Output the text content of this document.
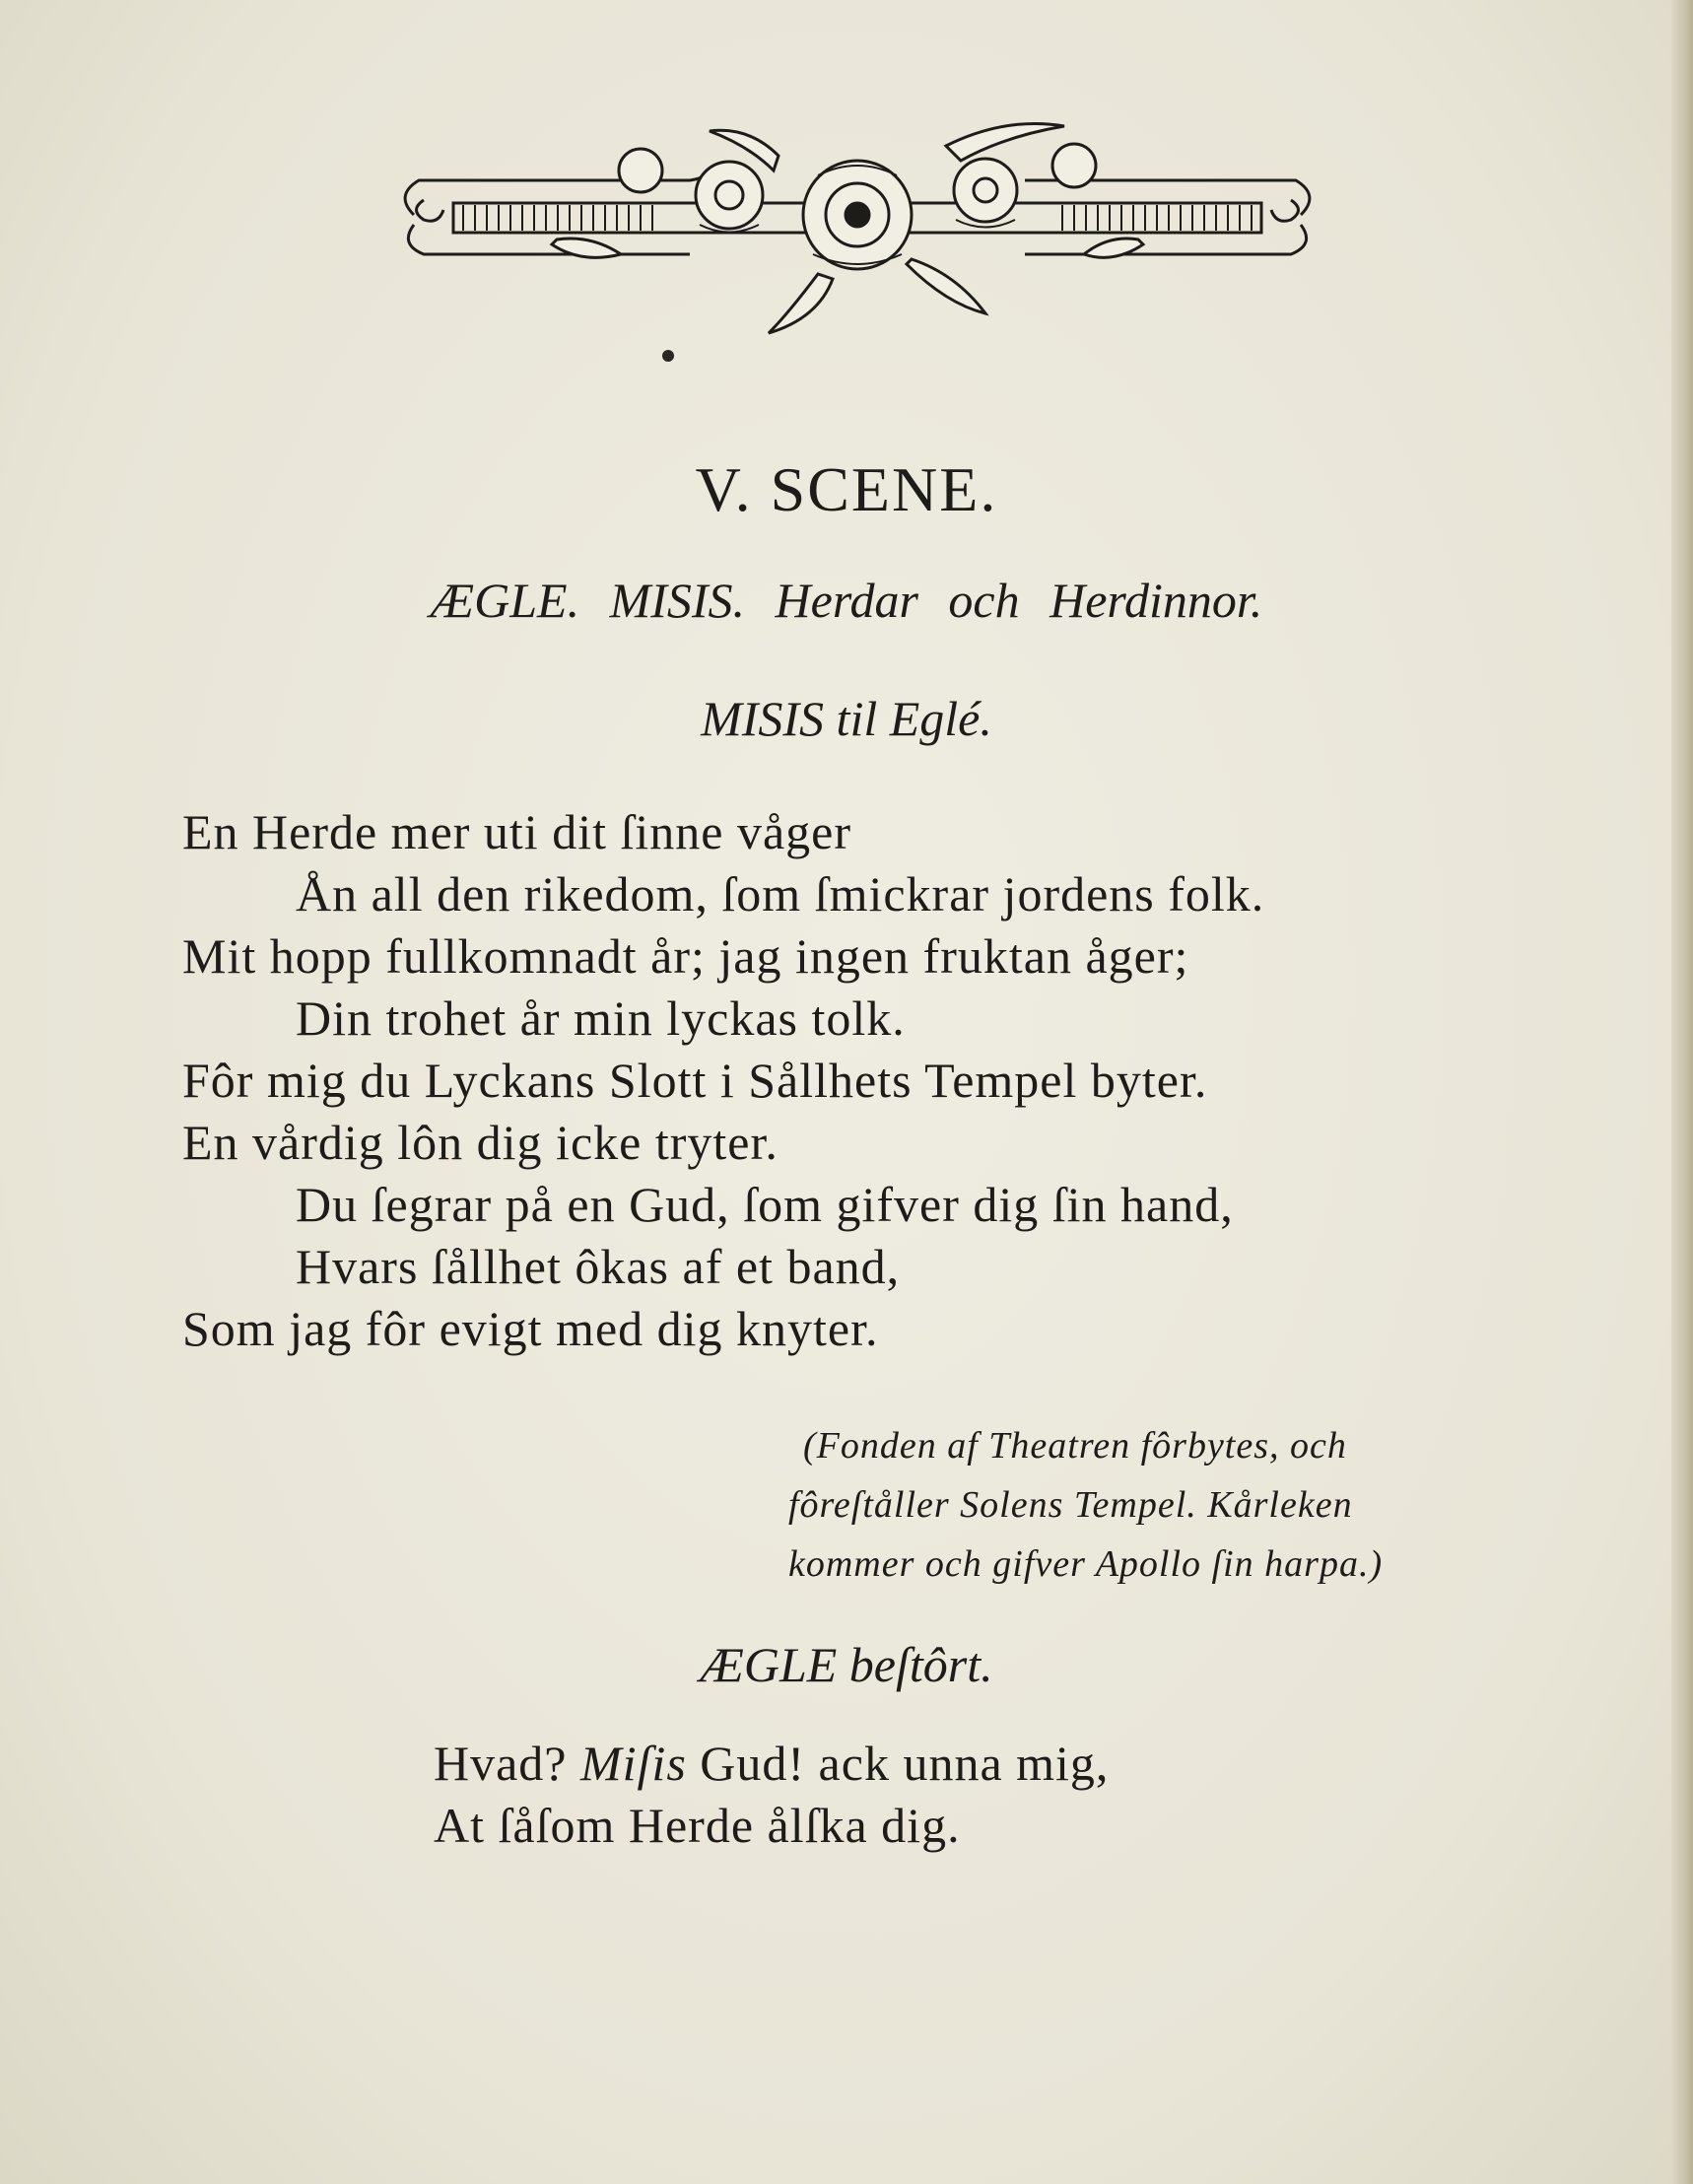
V. SCENE.
ÆGLE. MISIS. Herdar och Herdinnor.
MISIS til Eglé.
En Herde mer uti dit ſinne våger
Ån all den rikedom, ſom ſmickrar jordens folk.
Mit hopp fullkomnadt år; jag ingen fruktan åger;
Din trohet år min lyckas tolk.
Fôr mig du Lyckans Slott i Sållhets Tempel byter.
En vårdig lôn dig icke tryter.
Du ſegrar på en Gud, ſom gifver dig ſin hand,
Hvars ſållhet ôkas af et band,
Som jag fôr evigt med dig knyter.
(Fonden af Theatren fôrbytes, och
fôreſtåller Solens Tempel. Kårleken
kommer och gifver Apollo ſin harpa.)
ÆGLE beſtôrt.
Hvad? Miſis Gud! ack unna mig,
At ſåſom Herde ålſka dig.
